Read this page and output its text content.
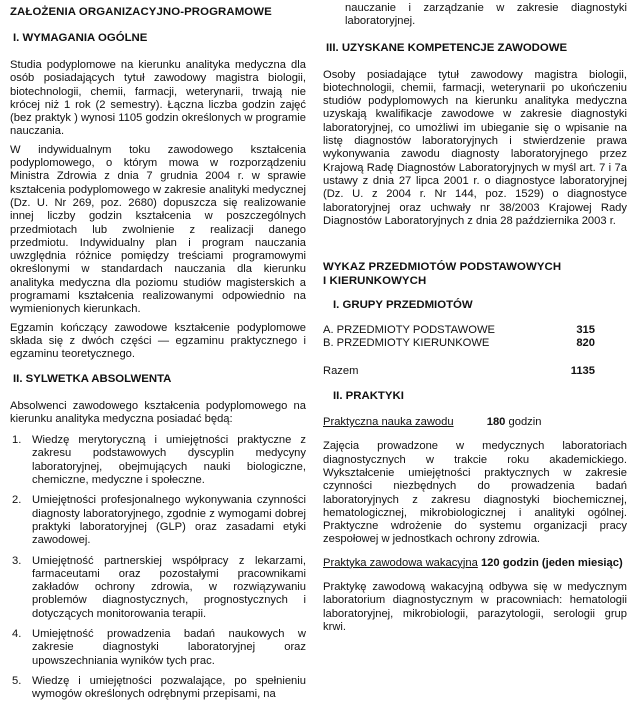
ZAŁOŻENIA ORGANIZACYJNO-PROGRAMOWE
I. WYMAGANIA OGÓLNE

Studia podyplomowe na kierunku analityka medyczna dla osób posiadających tytuł zawodowy magistra biologii, biotechnologii, chemii, farmacji, weterynarii, trwają nie krócej niż 1 rok (2 semestry). Łączna liczba godzin zajęć (bez praktyk ) wynosi 1105 godzin określonych w programie nauczania.

W indywidualnym toku zawodowego kształcenia podyplomowego, o którym mowa w rozporządzeniu Ministra Zdrowia z dnia 7 grudnia 2004 r. w sprawie kształcenia podyplomowego w zakresie analityki medycznej (Dz. U. Nr 269, poz. 2680) dopuszcza się realizowanie innej liczby godzin kształcenia w poszczególnych przedmiotach lub zwolnienie z realizacji danego przedmiotu. Indywidualny plan i program nauczania uwzględnia różnice pomiędzy treściami programowymi określonymi w standardach nauczania dla kierunku analityka medyczna dla poziomu studiów magisterskich a programami kształcenia realizowanymi odpowiednio na wymienionych kierunkach.

Egzamin kończący zawodowe kształcenie podyplomowe składa się z dwóch części — egzaminu praktycznego i egzaminu teoretycznego.

II. SYLWETKA ABSOLWENTA

Absolwenci zawodowego kształcenia podyplomowego na kierunku analityka medyczna posiadać będą:

1. Wiedzę merytoryczną i umiejętności praktyczne z zakresu podstawowych dyscyplin medycyny laboratoryjnej, obejmujących nauki biologiczne, chemiczne, medyczne i społeczne.
2. Umiejętności profesjonalnego wykonywania czynności diagnosty laboratoryjnego, zgodnie z wymogami dobrej praktyki laboratoryjnej (GLP) oraz zasadami etyki zawodowej.
3. Umiejętność partnerskiej współpracy z lekarzami, farmaceutami oraz pozostałymi pracownikami zakładów ochrony zdrowia, w rozwiązywaniu problemów diagnostycznych, prognostycznych i dotyczących monitorowania terapii.
4. Umiejętność prowadzenia badań naukowych w zakresie diagnostyki laboratoryjnej oraz upowszechniania wyników tych prac.
5. Wiedzę i umiejętności pozwalające, po spełnieniu wymogów określonych odrębnymi przepisami, na

nauczanie i zarządzanie w zakresie diagnostyki laboratoryjnej.

III. UZYSKANE KOMPETENCJE ZAWODOWE

Osoby posiadające tytuł zawodowy magistra biologii, biotechnologii, chemii, farmacji, weterynarii po ukończeniu studiów podyplomowych na kierunku analityka medyczna uzyskają kwalifikacje zawodowe w zakresie diagnostyki laboratoryjnej, co umożliwi im ubieganie się o wpisanie na listę diagnostów laboratoryjnych i stwierdzenie prawa wykonywania zawodu diagnosty laboratoryjnego przez Krajową Radę Diagnostów Laboratoryjnych w myśl art. 7 i 7a ustawy z dnia 27 lipca 2001 r. o diagnostyce laboratoryjnej (Dz. U. z 2004 r. Nr 144, poz. 1529) o diagnostyce laboratoryjnej oraz uchwały nr 38/2003 Krajowej Rady Diagnostów Laboratoryjnych z dnia 28 października 2003 r.

WYKAZ PRZEDMIOTÓW PODSTAWOWYCH
I KIERUNKOWYCH
I. GRUPY PRZEDMIOTÓW
A. PRZEDMIOTY PODSTAWOWE	315
B. PRZEDMIOTY KIERUNKOWE	820
Razem	1135
II. PRAKTYKI

Praktyczna nauka zawodu	180 godzin

Zajęcia prowadzone w medycznych laboratoriach diagnostycznych w trakcie roku akademickiego. Wykształcenie umiejętności praktycznych w zakresie czynności niezbędnych do prowadzenia badań laboratoryjnych z zakresu diagnostyki biochemicznej, hematologicznej, mikrobiologicznej i analityki ogólnej. Praktyczne wdrożenie do systemu organizacji pracy zespołowej w jednostkach ochrony zdrowia.

Praktyka zawodowa wakacyjna 120 godzin (jeden miesiąc)

Praktykę zawodową wakacyjną odbywa się w medycznym laboratorium diagnostycznym w pracowniach: hematologii laboratoryjnej, mikrobiologii, parazytologii, serologii grup krwi.
